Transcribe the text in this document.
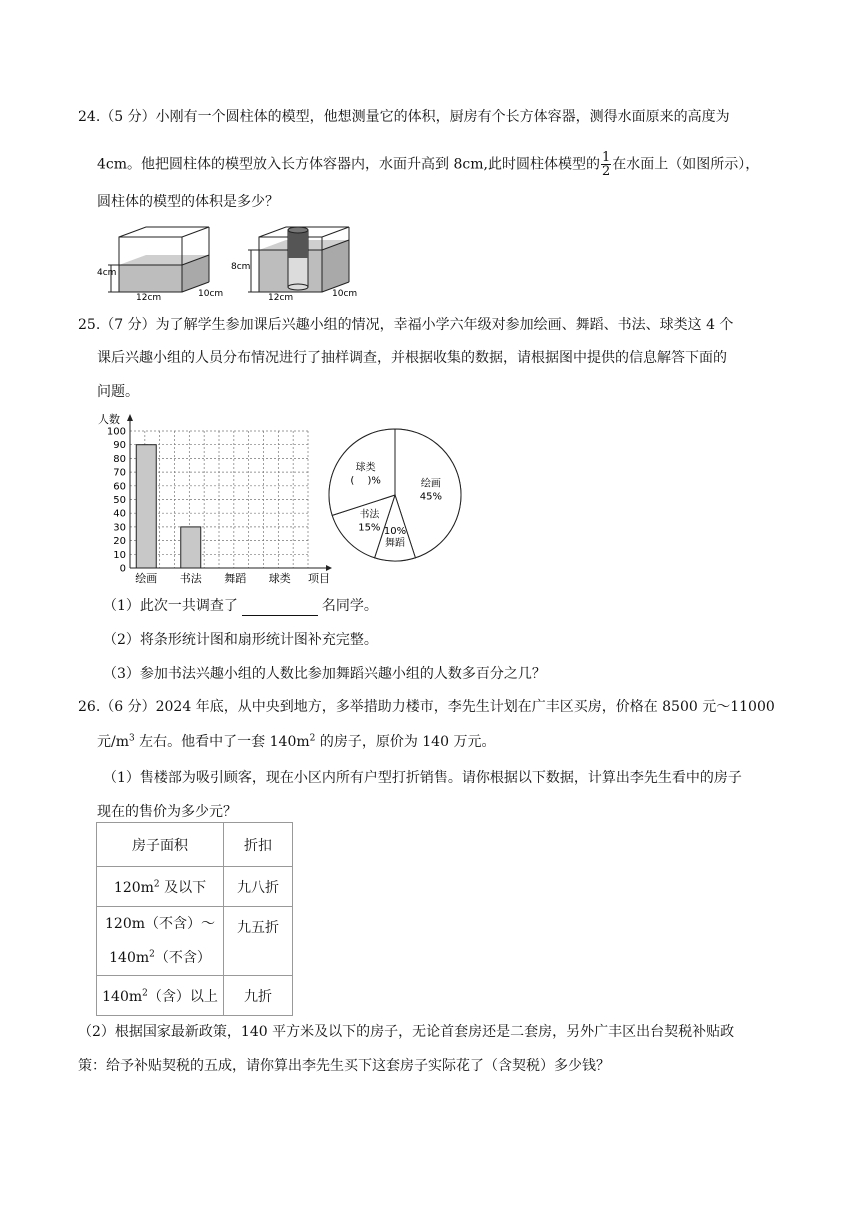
24.（5 分）小刚有一个圆柱体的模型，他想测量它的体积，厨房有个长方体容器，测得水面原来的高度为
4cm。他把圆柱体的模型放入长方体容器内，水面升高到 8cm,此时圆柱体模型的 $\frac{1}{2}$ 在水面上（如图所示），
圆柱体的模型的体积是多少？
4cm
12cm	10cm
8cm
12cm	10cm
25.（7 分）为了解学生参加课后兴趣小组的情况，幸福小学六年级对参加绘画、舞蹈、书法、球类这 4 个
课后兴趣小组的人员分布情况进行了抽样调查，并根据收集的数据，请根据图中提供的信息解答下面的
问题。
0
10
20
30
40
50
60
70
80
90
100
人数
项目
绘画 书法 舞蹈 球类
绘画
45%
10%
舞蹈
书法
15%
球类
(　 )%
（1）此次一共调查了	名同学。
（2）将条形统计图和扇形统计图补充完整。
（3）参加书法兴趣小组的人数比参加舞蹈兴趣小组的人数多百分之几？
26.（6 分）2024 年底，从中央到地方，多举措助力楼市，李先生计划在广丰区买房，价格在 8500 元～11000
元$/m^3$ 左右。他看中了一套 $140m^2$ 的房子，原价为 140 万元。
（1）售楼部为吸引顾客，现在小区内所有户型打折销售。请你根据以下数据，计算出李先生看中的房子
现在的售价为多少元？
房子面积	折扣
$120m^2$ 及以下	九八折
120m（不含）～
$140m^2$（不含）	九五折
$140m^2$（含）以上	九折
（2）根据国家最新政策，140 平方米及以下的房子，无论首套房还是二套房，另外广丰区出台契税补贴政
策：给予补贴契税的五成，请你算出李先生买下这套房子实际花了（含契税）多少钱？
